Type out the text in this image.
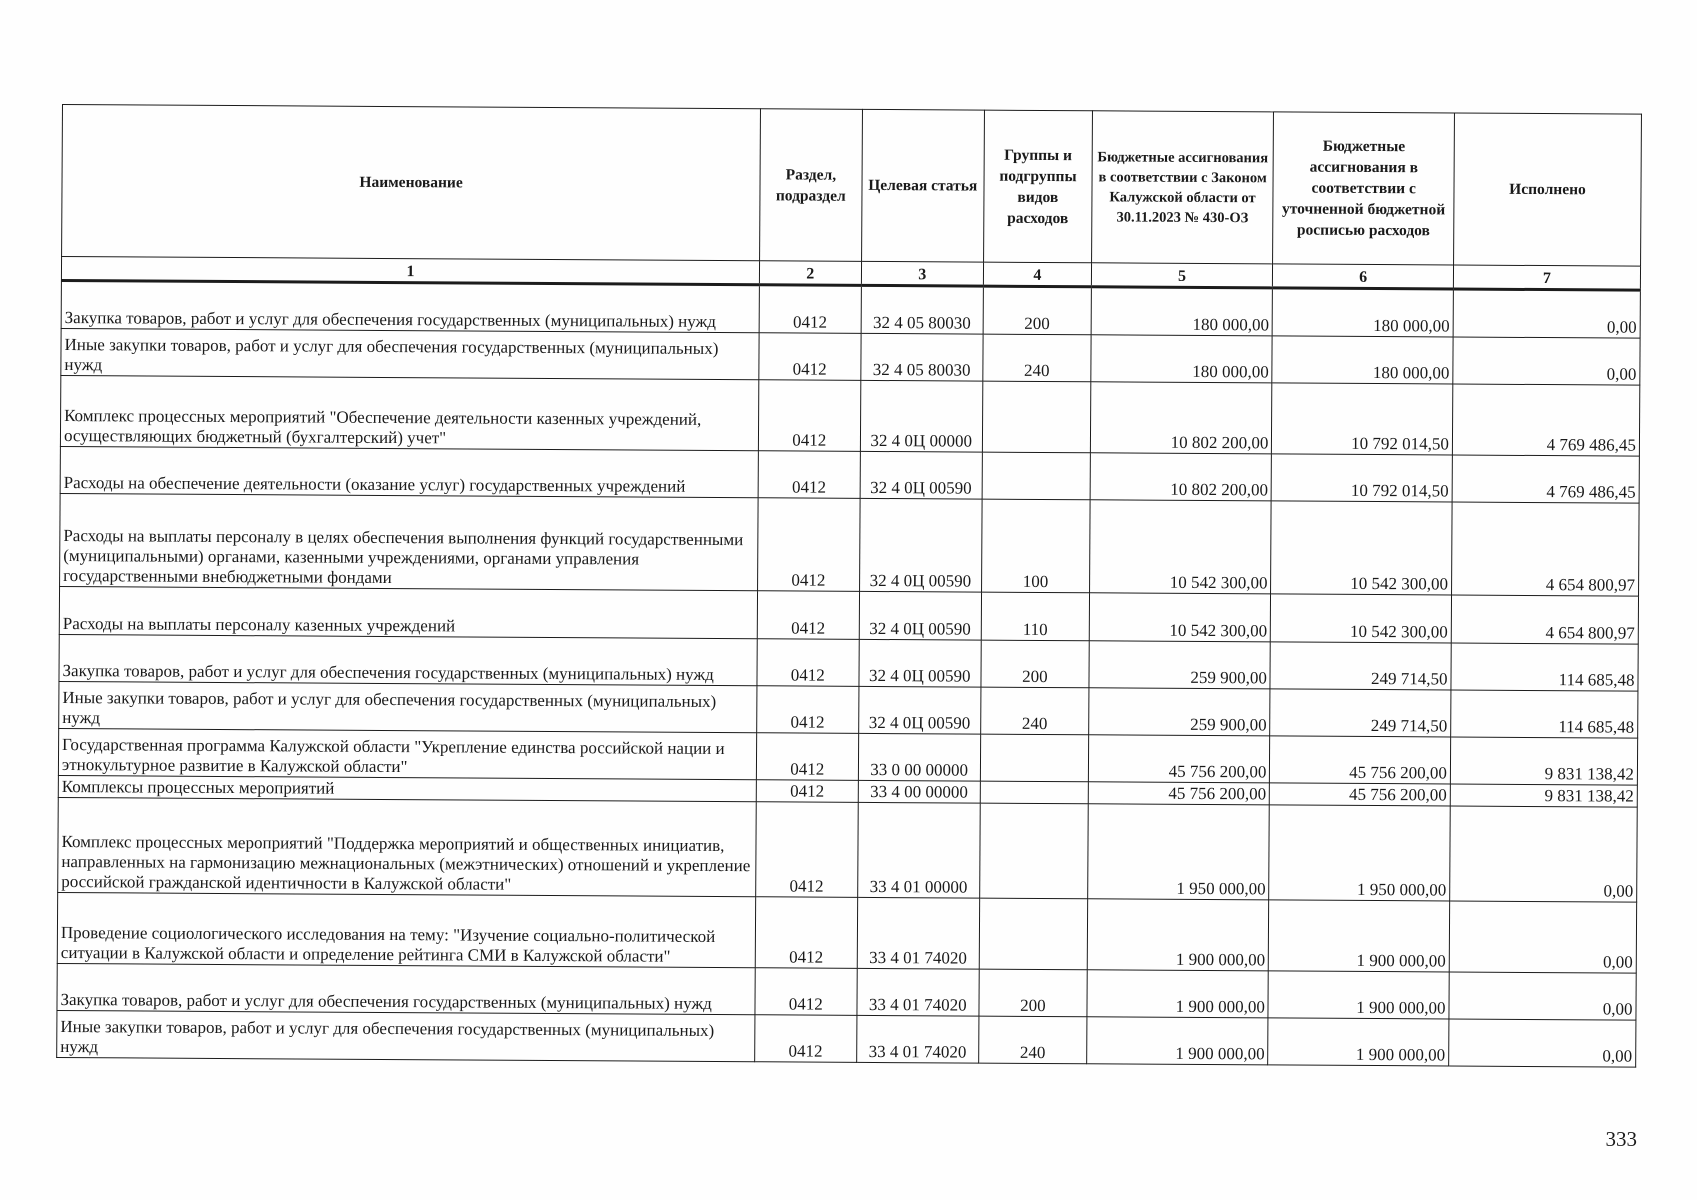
Наименование	Раздел, подраздел	Целевая статья	Группы и подгруппы видов расходов	Бюджетные ассигнования в соответствии с Законом Калужской области от 30.11.2023 № 430-ОЗ	Бюджетные ассигнования в соответствии с уточненной бюджетной росписью расходов	Исполнено
1	2	3	4	5	6	7
Закупка товаров, работ и услуг для обеспечения государственных (муниципальных) нужд	0412	32 4 05 80030	200	180 000,00	180 000,00	0,00
Иные закупки товаров, работ и услуг для обеспечения государственных (муниципальных) нужд	0412	32 4 05 80030	240	180 000,00	180 000,00	0,00
Комплекс процессных мероприятий "Обеспечение деятельности казенных учреждений, осуществляющих бюджетный (бухгалтерский) учет"	0412	32 4 0Ц 00000		10 802 200,00	10 792 014,50	4 769 486,45
Расходы на обеспечение деятельности (оказание услуг) государственных учреждений	0412	32 4 0Ц 00590		10 802 200,00	10 792 014,50	4 769 486,45
Расходы на выплаты персоналу в целях обеспечения выполнения функций государственными (муниципальными) органами, казенными учреждениями, органами управления государственными внебюджетными фондами	0412	32 4 0Ц 00590	100	10 542 300,00	10 542 300,00	4 654 800,97
Расходы на выплаты персоналу казенных учреждений	0412	32 4 0Ц 00590	110	10 542 300,00	10 542 300,00	4 654 800,97
Закупка товаров, работ и услуг для обеспечения государственных (муниципальных) нужд	0412	32 4 0Ц 00590	200	259 900,00	249 714,50	114 685,48
Иные закупки товаров, работ и услуг для обеспечения государственных (муниципальных) нужд	0412	32 4 0Ц 00590	240	259 900,00	249 714,50	114 685,48
Государственная программа Калужской области "Укрепление единства российской нации и этнокультурное развитие в Калужской области"	0412	33 0 00 00000		45 756 200,00	45 756 200,00	9 831 138,42
Комплексы процессных мероприятий	0412	33 4 00 00000		45 756 200,00	45 756 200,00	9 831 138,42
Комплекс процессных мероприятий "Поддержка мероприятий и общественных инициатив, направленных на гармонизацию межнациональных (межэтнических) отношений и укрепление российской гражданской идентичности в Калужской области"	0412	33 4 01 00000		1 950 000,00	1 950 000,00	0,00
Проведение социологического исследования на тему: "Изучение социально-политической ситуации в Калужской области и определение рейтинга СМИ в Калужской области"	0412	33 4 01 74020		1 900 000,00	1 900 000,00	0,00
Закупка товаров, работ и услуг для обеспечения государственных (муниципальных) нужд	0412	33 4 01 74020	200	1 900 000,00	1 900 000,00	0,00
Иные закупки товаров, работ и услуг для обеспечения государственных (муниципальных) нужд	0412	33 4 01 74020	240	1 900 000,00	1 900 000,00	0,00
333
